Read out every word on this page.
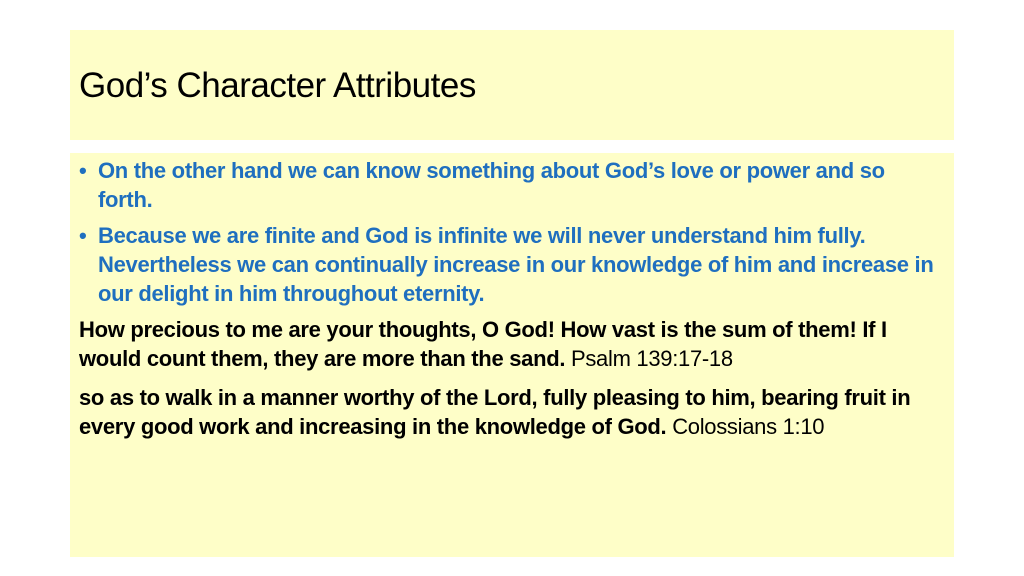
God’s Character Attributes
• On the other hand we can know something about God’s love or power and so forth.
• Because we are finite and God is infinite we will never understand him fully. Nevertheless we can continually increase in our knowledge of him and increase in our delight in him throughout eternity.

How precious to me are your thoughts, O God! How vast is the sum of them! If I would count them, they are more than the sand. Psalm 139:17-18

so as to walk in a manner worthy of the Lord, fully pleasing to him, bearing fruit in every good work and increasing in the knowledge of God. Colossians 1:10
